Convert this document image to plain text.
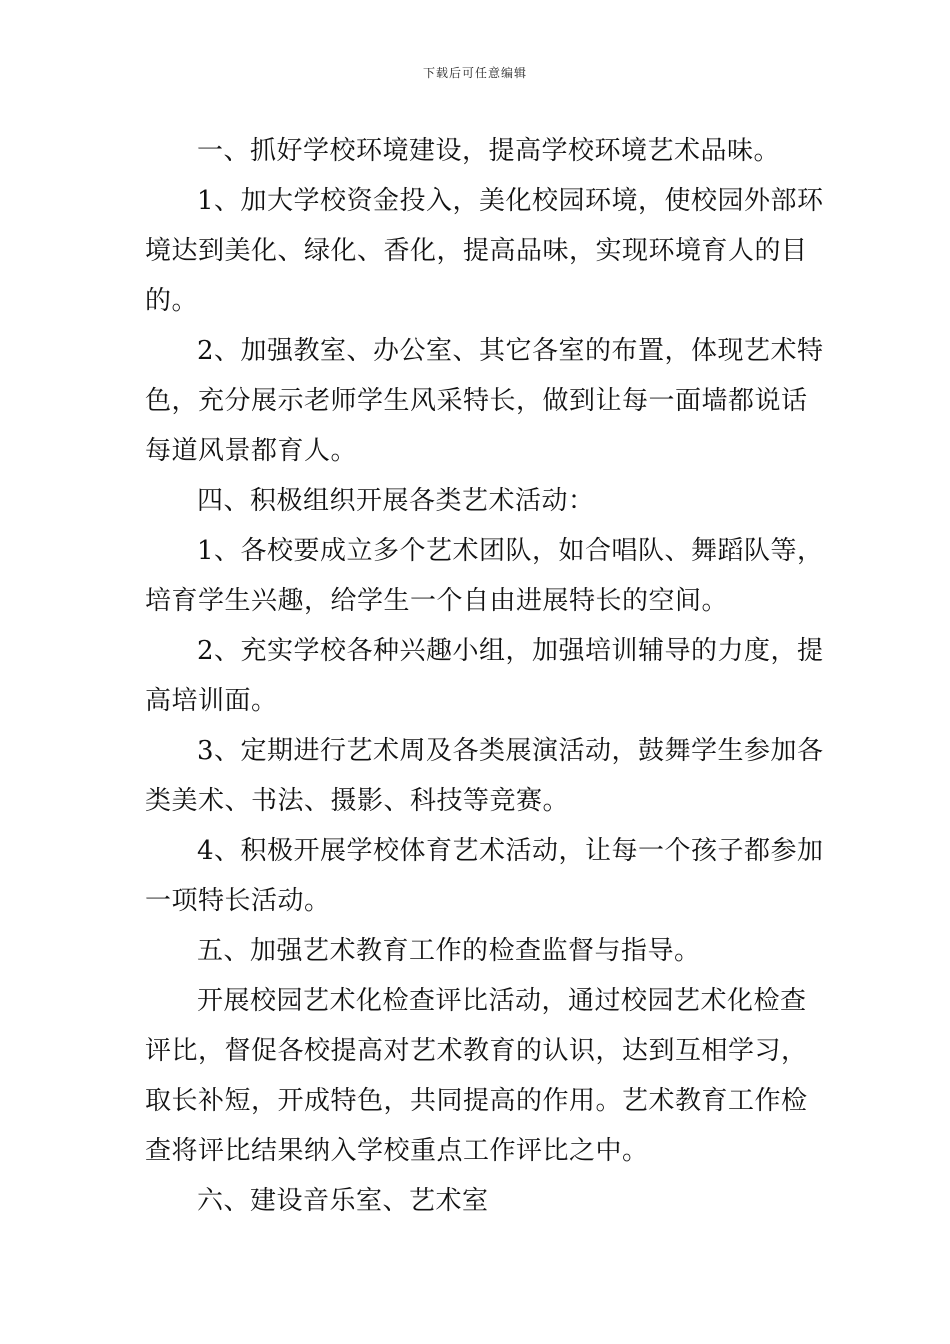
下载后可任意编辑
一、抓好学校环境建设，提高学校环境艺术品味。
1、加大学校资金投入，美化校园环境，使校园外部环
境达到美化、绿化、香化，提高品味，实现环境育人的目
的。
2、加强教室、办公室、其它各室的布置，体现艺术特
色，充分展示老师学生风采特长，做到让每一面墙都说话
每道风景都育人。
四、积极组织开展各类艺术活动：
1、各校要成立多个艺术团队，如合唱队、舞蹈队等，
培育学生兴趣，给学生一个自由进展特长的空间。
2、充实学校各种兴趣小组，加强培训辅导的力度，提
高培训面。
3、定期进行艺术周及各类展演活动，鼓舞学生参加各
类美术、书法、摄影、科技等竞赛。
4、积极开展学校体育艺术活动，让每一个孩子都参加
一项特长活动。
五、加强艺术教育工作的检查监督与指导。
开展校园艺术化检查评比活动，通过校园艺术化检查
评比，督促各校提高对艺术教育的认识，达到互相学习，
取长补短，开成特色，共同提高的作用。艺术教育工作检
查将评比结果纳入学校重点工作评比之中。
六、建设音乐室、艺术室
